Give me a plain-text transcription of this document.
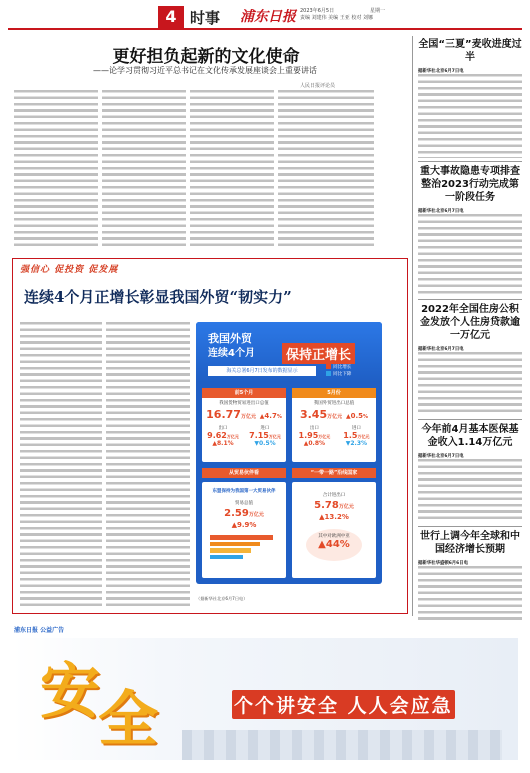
4 时事 浦东日报 2023年6月5日	星期一
责编 刘建伟 美编 王亚 校对 刘娜
更好担负起新的文化使命
——论学习贯彻习近平总书记在文化传承发展座谈会上重要讲话
人民日报评论员
全国“三夏”麦收进度过半
据新华社北京6月7日电
重大事故隐患专项排查整治2023行动完成第一阶段任务
据新华社北京6月7日电
2022年全国住房公积金发放个人住房贷款逾一万亿元
据新华社北京6月7日电
今年前4月基本医保基金收入1.14万亿元
据新华社北京6月7日电
世行上调今年全球和中国经济增长预期
据新华社华盛顿6月6日电
强信心 促投资 促发展
连续4个月正增长彰显我国外贸“韧实力”
（据新华社北京6月7日电）
我国外贸
连续4个月	保持正增长
海关总署6月7日发布的数据显示
同比增长
同比下降
前5个月
我国货物贸易进出口总值
16.77万亿元 ▲4.7%
出口
9.62万亿元
▲8.1%
进口
7.15万亿元
▼0.5%
5月份
我国外贸进出口总值
3.45万亿元 ▲0.5%
出口
1.95万亿元
▲0.8%
进口
1.5万亿元
▼2.3%
从贸易伙伴看	“一带一路”沿线国家
东盟保持为我国第一大贸易伙伴
贸易总值
2.59万亿元
▲9.9%
合计进出口
5.78万亿元
▲13.2%
其中对欧洲中亚
▲44%
浦东日报 公益广告
安
全	个个讲安全 人人会应急
